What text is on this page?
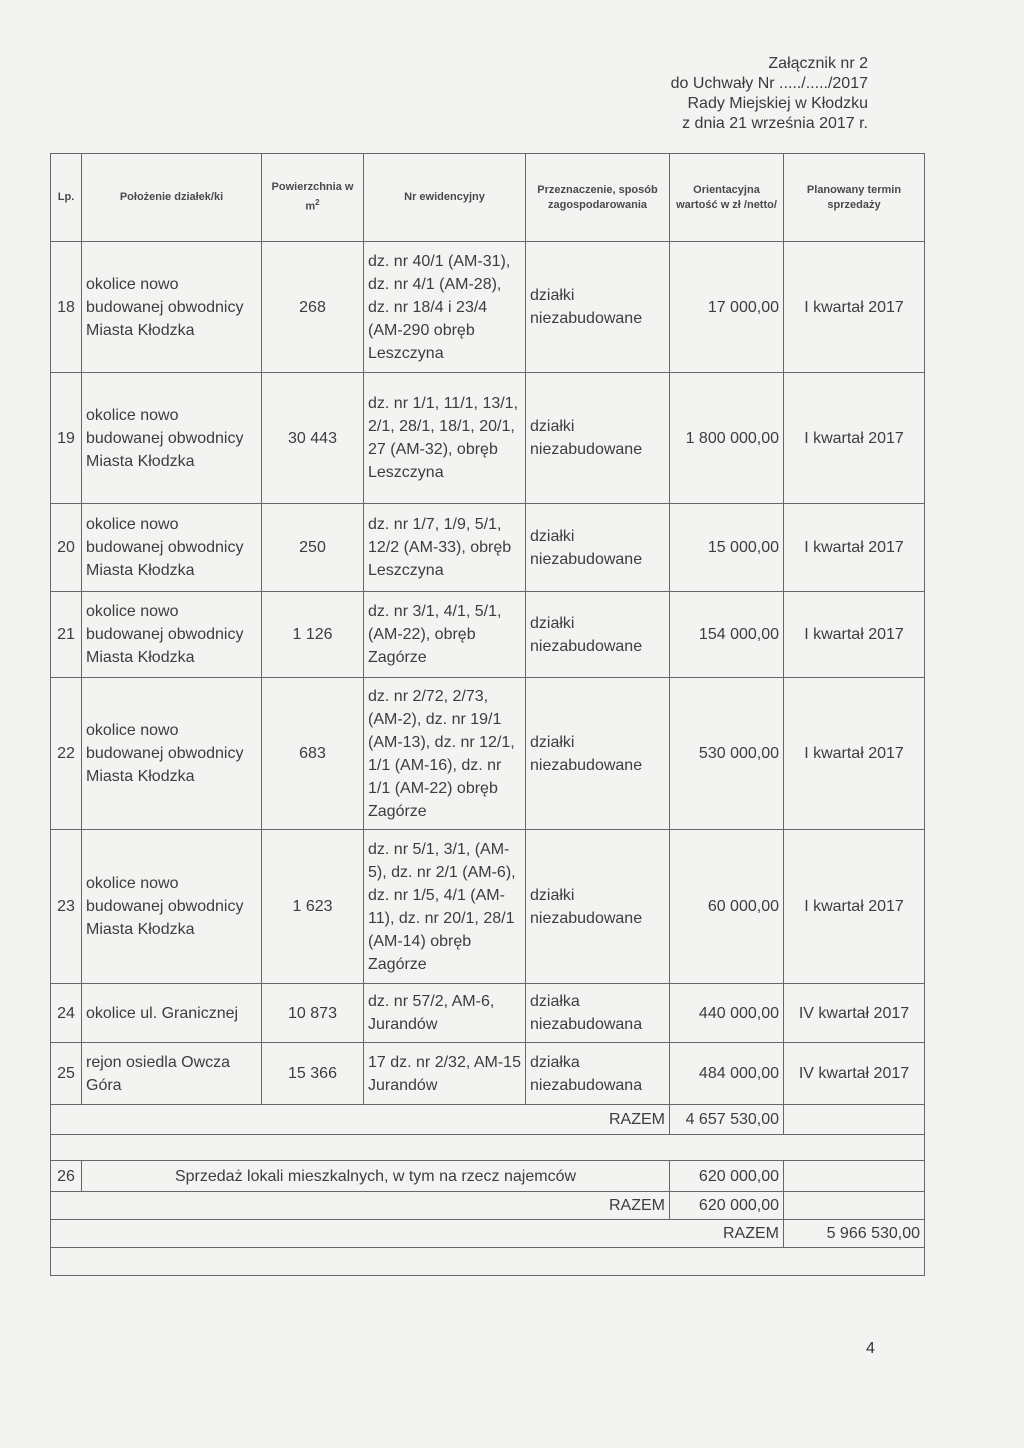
Załącznik nr 2
do Uchwały Nr ...../...../2017
Rady Miejskiej w Kłodzku
z dnia 21 września 2017 r.
Lp.	Położenie działek/ki	Powierzchnia w $m^2$	Nr ewidencyjny	Przeznaczenie, sposób zagospodarowania	Orientacyjna wartość w zł /netto/	Planowany termin sprzedaży
18	okolice nowo budowanej obwodnicy Miasta Kłodzka	268	dz. nr 40/1 (AM-31), dz. nr 4/1 (AM-28), dz. nr 18/4 i 23/4 (AM-290 obręb Leszczyna	działki niezabudowane	17 000,00	I kwartał 2017
19	okolice nowo budowanej obwodnicy Miasta Kłodzka	30 443	dz. nr 1/1, 11/1, 13/1, 2/1, 28/1, 18/1, 20/1, 27 (AM-32), obręb Leszczyna	działki niezabudowane	1 800 000,00	I kwartał 2017
20	okolice nowo budowanej obwodnicy Miasta Kłodzka	250	dz. nr 1/7, 1/9, 5/1, 12/2 (AM-33), obręb Leszczyna	działki niezabudowane	15 000,00	I kwartał 2017
21	okolice nowo budowanej obwodnicy Miasta Kłodzka	1 126	dz. nr 3/1, 4/1, 5/1, (AM-22), obręb Zagórze	działki niezabudowane	154 000,00	I kwartał 2017
22	okolice nowo budowanej obwodnicy Miasta Kłodzka	683	dz. nr 2/72, 2/73, (AM-2), dz. nr 19/1 (AM-13), dz. nr 12/1, 1/1 (AM-16), dz. nr 1/1 (AM-22) obręb Zagórze	działki niezabudowane	530 000,00	I kwartał 2017
23	okolice nowo budowanej obwodnicy Miasta Kłodzka	1 623	dz. nr 5/1, 3/1, (AM-5), dz. nr 2/1 (AM-6), dz. nr 1/5, 4/1 (AM-11), dz. nr 20/1, 28/1 (AM-14) obręb Zagórze	działki niezabudowane	60 000,00	I kwartał 2017
24	okolice ul. Granicznej	10 873	dz. nr 57/2, AM-6, Jurandów	działka niezabudowana	440 000,00	IV kwartał 2017
25	rejon osiedla Owcza Góra	15 366	17 dz. nr 2/32, AM-15 Jurandów	działka niezabudowana	484 000,00	IV kwartał 2017
RAZEM					4 657 530,00	

26	Sprzedaż lokali mieszkalnych, w tym na rzecz najemców				620 000,00	
RAZEM					620 000,00	
RAZEM						5 966 530,00

4
